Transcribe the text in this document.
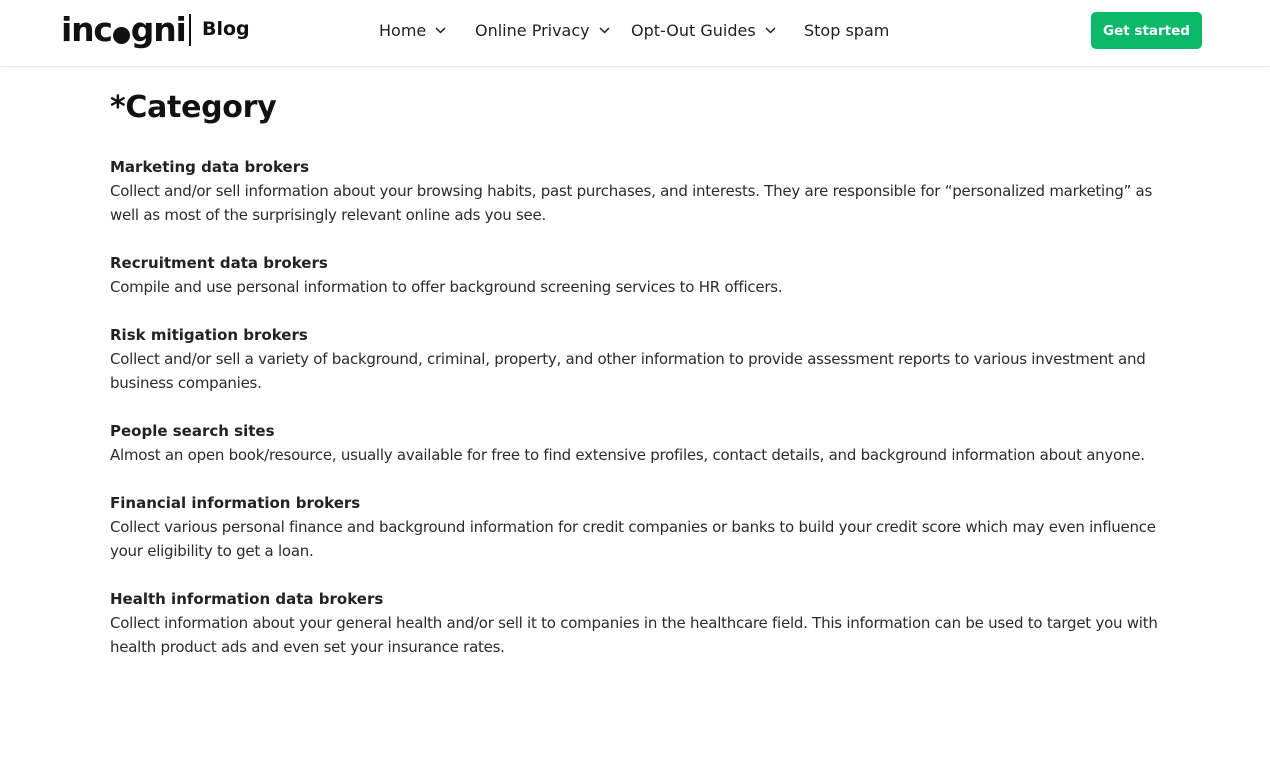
inc gni Blog	Home	Online Privacy	Opt-Out Guides	Stop spam	Get started
*Category
Marketing data brokers
Collect and/or sell information about your browsing habits, past purchases, and interests. They are responsible for “personalized marketing” as well as most of the surprisingly relevant online ads you see.
Recruitment data brokers
Compile and use personal information to offer background screening services to HR officers.
Risk mitigation brokers
Collect and/or sell a variety of background, criminal, property, and other information to provide assessment reports to various investment and business companies.
People search sites
Almost an open book/resource, usually available for free to find extensive profiles, contact details, and background information about anyone.
Financial information brokers
Collect various personal finance and background information for credit companies or banks to build your credit score which may even influence your eligibility to get a loan.
Health information data brokers
Collect information about your general health and/or sell it to companies in the healthcare field. This information can be used to target you with health product ads and even set your insurance rates.
